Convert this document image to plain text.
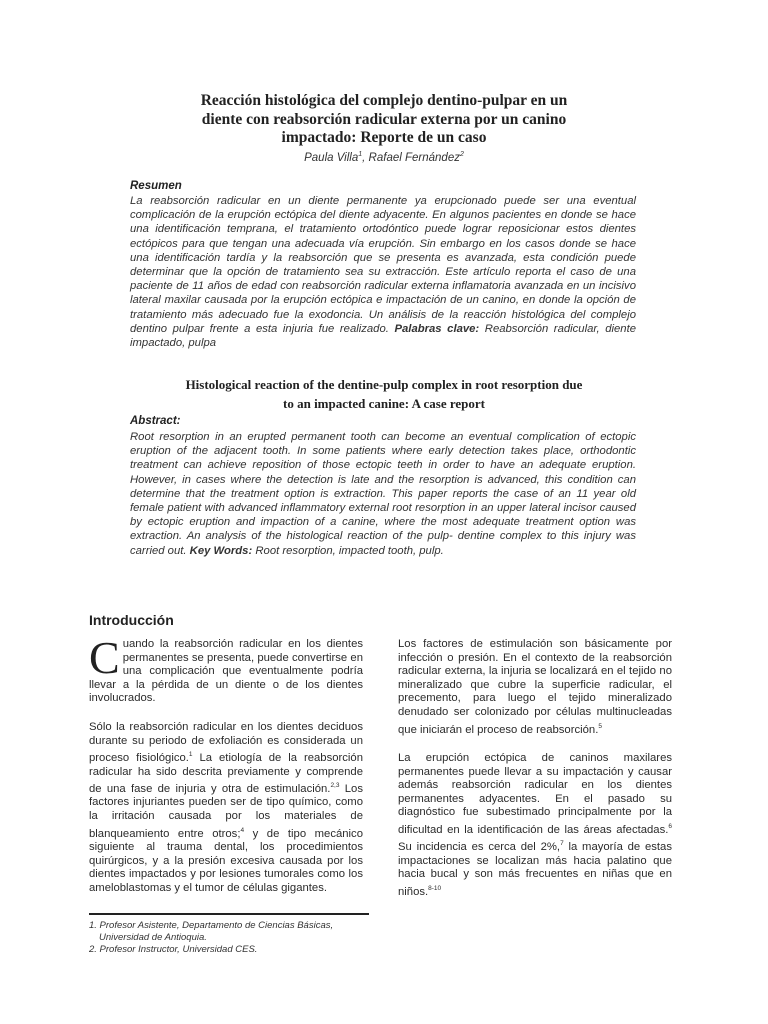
Reacción histológica del complejo dentino-pulpar en un
diente con reabsorción radicular externa por un canino
impactado: Reporte de un caso
Paula Villa$^1$, Rafael Fernández$^2$
Resumen
La reabsorción radicular en un diente permanente ya erupcionado puede ser una eventual complicación de la erupción ectópica del diente adyacente. En algunos pacientes en donde se hace una identificación temprana, el tratamiento ortodóntico puede lograr reposicionar estos dientes ectópicos para que tengan una adecuada vía erupción. Sin embargo en los casos donde se hace una identificación tardía y la reabsorción que se presenta es avanzada, esta condición puede determinar que la opción de tratamiento sea su extracción. Este artículo reporta el caso de una paciente de 11 años de edad con reabsorción radicular externa inflamatoria avanzada en un incisivo lateral maxilar causada por la erupción ectópica e impactación de un canino, en donde la opción de tratamiento más adecuado fue la exodoncia. Un análisis de la reacción histológica del complejo dentino pulpar frente a esta injuria fue realizado. Palabras clave: Reabsorción radicular, diente impactado, pulpa
Histological reaction of the dentine-pulp complex in root resorption due
to an impacted canine: A case report
Abstract:
Root resorption in an erupted permanent tooth can become an eventual complication of ectopic eruption of the adjacent tooth. In some patients where early detection takes place, orthodontic treatment can achieve reposition of those ectopic teeth in order to have an adequate eruption. However, in cases where the detection is late and the resorption is advanced, this condition can determine that the treatment option is extraction. This paper reports the case of an 11 year old female patient with advanced inflammatory external root resorption in an upper lateral incisor caused by ectopic eruption and impaction of a canine, where the most adequate treatment option was extraction. An analysis of the histological reaction of the pulp- dentine complex to this injury was carried out. Key Words: Root resorption, impacted tooth, pulp.
Introducción

Cuando la reabsorción radicular en los dientes permanentes se presenta, puede convertirse en una complicación que eventualmente podría llevar a la pérdida de un diente o de los dientes involucrados.

Sólo la reabsorción radicular en los dientes deciduos durante su periodo de exfoliación es considerada un proceso fisiológico.$^1$ La etiología de la reabsorción radicular ha sido descrita previamente y comprende de una fase de injuria y otra de estimulación.$^{2,3}$ Los factores injuriantes pueden ser de tipo químico, como la irritación causada por los materiales de blanqueamiento entre otros;$^4$ y de tipo mecánico siguiente al trauma dental, los procedimientos quirúrgicos, y a la presión excesiva causada por los dientes impactados y por lesiones tumorales como los ameloblastomas y el tumor de células gigantes.

Los factores de estimulación son básicamente por infección o presión. En el contexto de la reabsorción radicular externa, la injuria se localizará en el tejido no mineralizado que cubre la superficie radicular, el precemento, para luego el tejido mineralizado denudado ser colonizado por células multinucleadas que iniciarán el proceso de reabsorción.$^5$

La erupción ectópica de caninos maxilares permanentes puede llevar a su impactación y causar además reabsorción radicular en los dientes permanentes adyacentes. En el pasado su diagnóstico fue subestimado principalmente por la dificultad en la identificación de las áreas afectadas.$^6$ Su incidencia es cerca del 2%,$^7$ la mayoría de estas impactaciones se localizan más hacia palatino que hacia bucal y son más frecuentes en niñas que en niños.$^{8-10}$

1. Profesor Asistente, Departamento de Ciencias Básicas,
Universidad de Antioquia.
2. Profesor Instructor, Universidad CES.
